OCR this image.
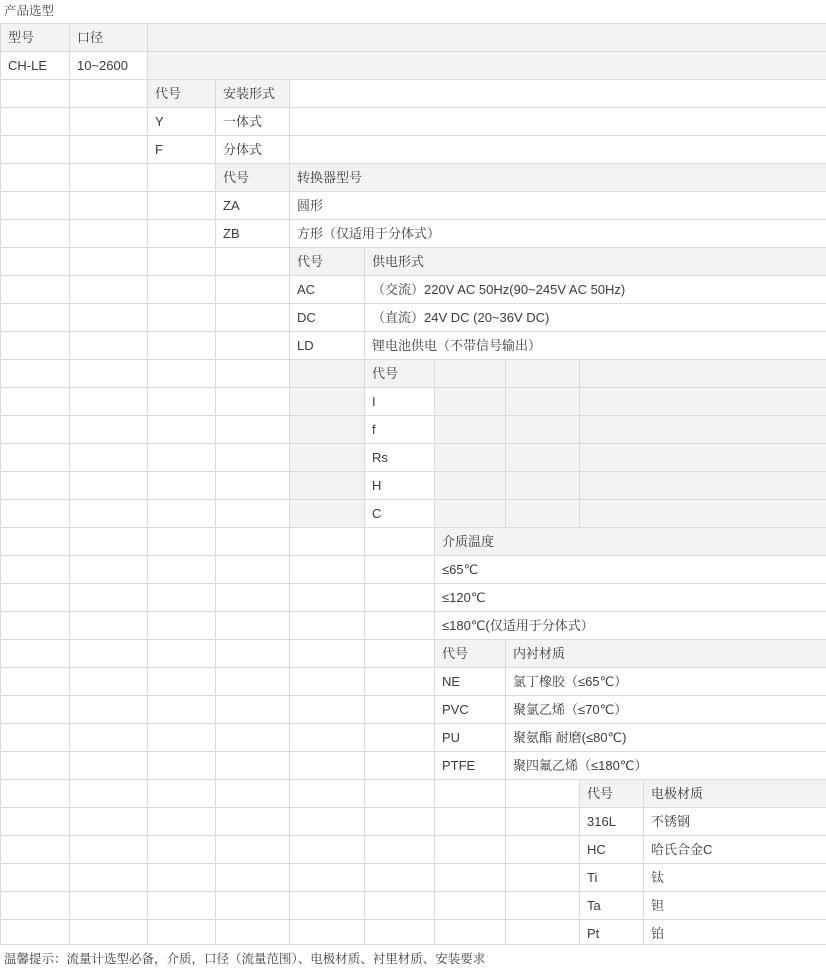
产品选型
型号	口径								
CH-LE	10~2600								
		代号	安装形式						
		Y	一体式						
		F	分体式						
			代号	转换器型号					
			ZA	圆形					
			ZB	方形（仅适用于分体式）					
				代号	供电形式				
				AC	（交流）220V AC 50Hz(90~245V AC 50Hz)				
				DC	（直流）24V DC (20~36V DC)				
				LD	锂电池供电（不带信号输出）				
					代号				
					I				
					f				
					Rs				
					H				
					C				
						介质温度			
						≤65℃			
						≤120℃			
						≤180℃(仅适用于分体式）			
						代号	内衬材质		
						NE	氯丁橡胶（≤65℃）		
						PVC	聚氯乙烯（≤70℃）		
						PU	聚氨酯 耐磨(≤80℃)		
						PTFE	聚四氟乙烯（≤180℃）		
								代号	电极材质
								316L	不锈钢
								HC	哈氏合金C
								Ti	钛
								Ta	钽
								Pt	铂
温馨提示：流量计选型必备，介质，口径（流量范围）、电极材质、衬里材质、安装要求
